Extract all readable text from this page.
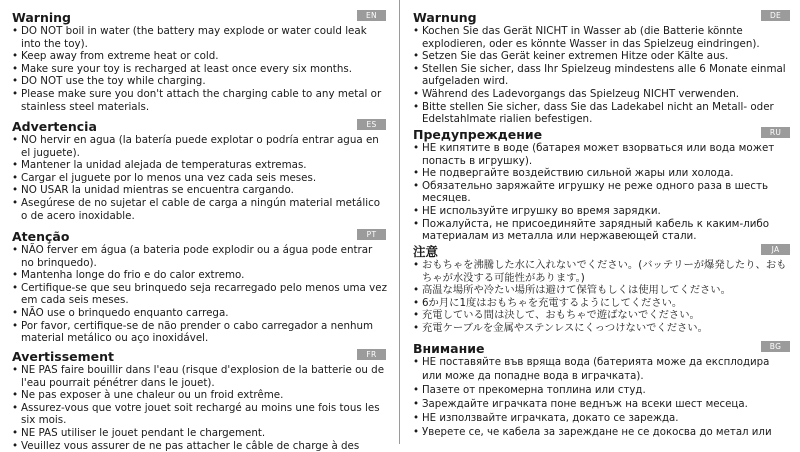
Warning	EN
• DO NOT boil in water (the battery may explode or water could leak into the toy).
• Keep away from extreme heat or cold.
• Make sure your toy is recharged at least once every six months.
• DO NOT use the toy while charging.
• Please make sure you don't attach the charging cable to any metal or stainless steel materials.
Advertencia	ES
• NO hervir en agua (la batería puede explotar o podría entrar agua en el juguete).
• Mantener la unidad alejada de temperaturas extremas.
• Cargar el juguete por lo menos una vez cada seis meses.
• NO USAR la unidad mientras se encuentra cargando.
• Asegúrese de no sujetar el cable de carga a ningún material metálico o de acero inoxidable.
Atenção	PT
• NÃO ferver em água (a bateria pode explodir ou a água pode entrar no brinquedo).
• Mantenha longe do frio e do calor extremo.
• Certifique-se que seu brinquedo seja recarregado pelo menos uma vez em cada seis meses.
• NÃO use o brinquedo enquanto carrega.
• Por favor, certifique-se de não prender o cabo carregador a nenhum material metálico ou aço inoxidável.
Avertissement	FR
• NE PAS faire bouillir dans l'eau (risque d'explosion de la batterie ou de l'eau pourrait pénétrer dans le jouet).
• Ne pas exposer à une chaleur ou un froid extrême.
• Assurez-vous que votre jouet soit rechargé au moins une fois tous les six mois.
• NE PAS utiliser le jouet pendant le chargement.
• Veuillez vous assurer de ne pas attacher le câble de charge à des
Warnung	DE
• Kochen Sie das Gerät NICHT in Wasser ab (die Batterie könnte explodieren, oder es könnte Wasser in das Spielzeug eindringen).
• Setzen Sie das Gerät keiner extremen Hitze oder Kälte aus.
• Stellen Sie sicher, dass Ihr Spielzeug mindestens alle 6 Monate einmal aufgeladen wird.
• Während des Ladevorgangs das Spielzeug NICHT verwenden.
• Bitte stellen Sie sicher, dass Sie das Ladekabel nicht an Metall- oder Edelstahlmate rialien befestigen.
Предупреждение	RU
• НЕ кипятите в воде (батарея может взорваться или вода может попасть в игрушку).
• Не подвергайте воздействию сильной жары или холода.
• Обязательно заряжайте игрушку не реже одного раза в шесть месяцев.
• НЕ используйте игрушку во время зарядки.
• Пожалуйста, не присоединяйте зарядный кабель к каким-либо материалам из металла или нержавеющей стали.
注意	JA
• おもちゃを沸騰した水に入れないでください。(バッテリーが爆発したり、おもちゃが水没する可能性があります。)
• 高温な場所や冷たい場所は避けて保管もしくは使用してください。
• 6か月に1度はおもちゃを充電するようにしてください。
• 充電している間は決して、おもちゃで遊ばないでください。
• 充電ケーブルを金属やステンレスにくっつけないでください。
Внимание	BG
• НЕ поставяйте във вряща вода (батерията може да експлодира или може да попадне вода в играчката).
• Пазете от прекомерна топлина или студ.
• Зареждайте играчката поне веднъж на всеки шест месеца.
• НЕ използвайте играчката, докато се зарежда.
• Уверете се, че кабела за зареждане не се докосва до метал или
